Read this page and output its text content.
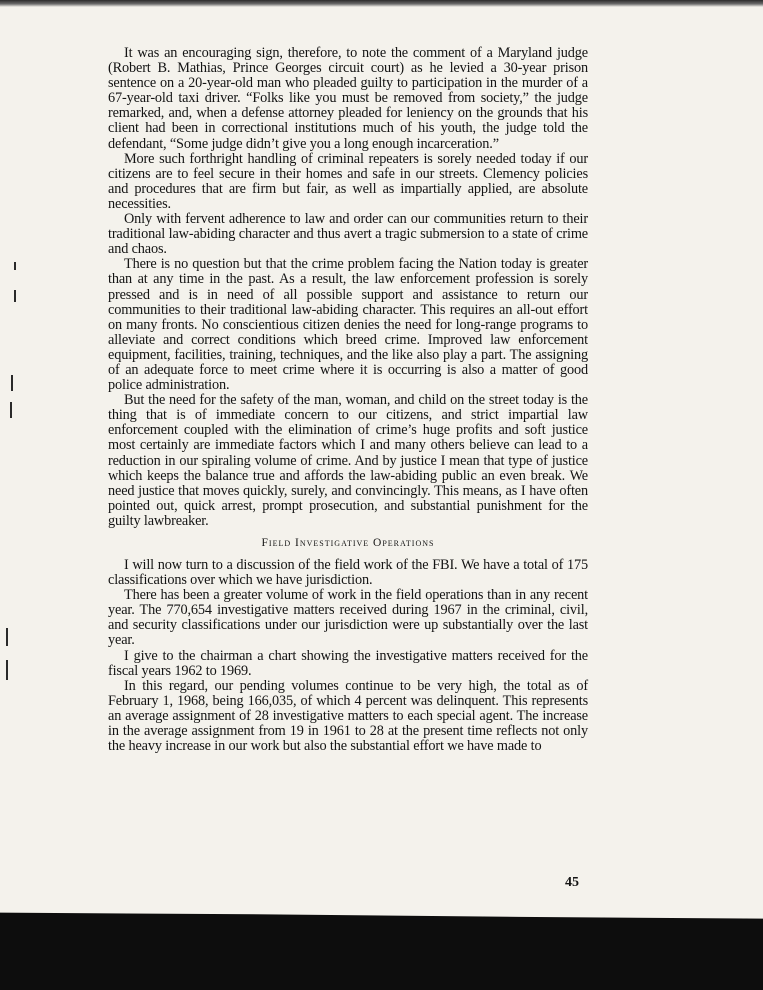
It was an encouraging sign, therefore, to note the comment of a Maryland judge (Robert B. Mathias, Prince Georges circuit court) as he levied a 30-year prison sentence on a 20-year-old man who pleaded guilty to participation in the murder of a 67-year-old taxi driver. “Folks like you must be removed from society,” the judge remarked, and, when a defense attorney pleaded for leniency on the grounds that his client had been in correctional institutions much of his youth, the judge told the defendant, “Some judge didn’t give you a long enough incarceration.”

More such forthright handling of criminal repeaters is sorely needed today if our citizens are to feel secure in their homes and safe in our streets. Clemency policies and procedures that are firm but fair, as well as impartially applied, are absolute necessities.

Only with fervent adherence to law and order can our communities return to their traditional law-abiding character and thus avert a tragic submersion to a state of crime and chaos.

There is no question but that the crime problem facing the Nation today is greater than at any time in the past. As a result, the law enforcement profession is sorely pressed and is in need of all possible support and assistance to return our communities to their traditional law-abiding character. This requires an all-out effort on many fronts. No conscientious citizen denies the need for long-range programs to alleviate and correct conditions which breed crime. Improved law enforcement equipment, facilities, training, techniques, and the like also play a part. The assigning of an adequate force to meet crime where it is occurring is also a matter of good police administration.

But the need for the safety of the man, woman, and child on the street today is the thing that is of immediate concern to our citizens, and strict impartial law enforcement coupled with the elimination of crime’s huge profits and soft justice most certainly are immediate factors which I and many others believe can lead to a reduction in our spiraling volume of crime. And by justice I mean that type of justice which keeps the balance true and affords the law-abiding public an even break. We need justice that moves quickly, surely, and convincingly. This means, as I have often pointed out, quick arrest, prompt prosecution, and substantial punishment for the guilty lawbreaker.

Field Investigative Operations

I will now turn to a discussion of the field work of the FBI. We have a total of 175 classifications over which we have jurisdiction.

There has been a greater volume of work in the field operations than in any recent year. The 770,654 investigative matters received during 1967 in the criminal, civil, and security classifications under our jurisdiction were up substantially over the last year.

I give to the chairman a chart showing the investigative matters received for the fiscal years 1962 to 1969.

In this regard, our pending volumes continue to be very high, the total as of February 1, 1968, being 166,035, of which 4 percent was delinquent. This represents an average assignment of 28 investigative matters to each special agent. The increase in the average assignment from 19 in 1961 to 28 at the present time reflects not only the heavy increase in our work but also the substantial effort we have made to

45
